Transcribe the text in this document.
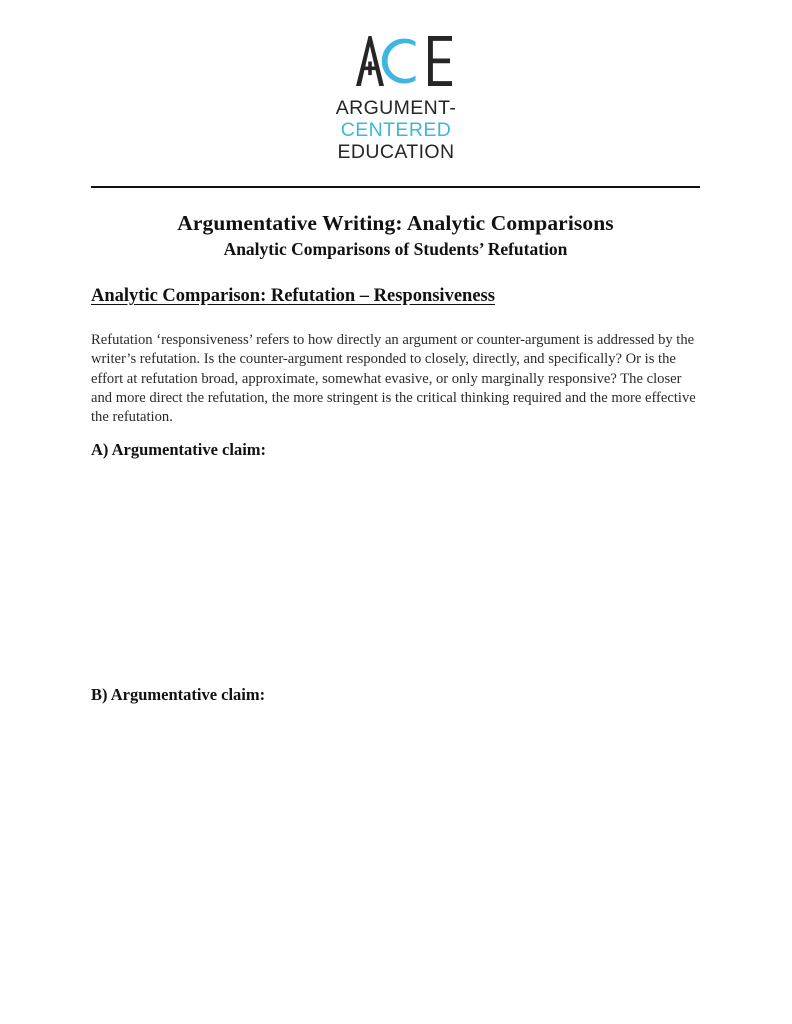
ARGUMENT-
CENTERED
EDUCATION
Argumentative Writing: Analytic Comparisons
Analytic Comparisons of Students’ Refutation
Analytic Comparison: Refutation – Responsiveness
Refutation ‘responsiveness’ refers to how directly an argument or counter-argument is addressed by the writer’s refutation. Is the counter-argument responded to closely, directly, and specifically? Or is the effort at refutation broad, approximate, somewhat evasive, or only marginally responsive? The closer and more direct the refutation, the more stringent is the critical thinking required and the more effective the refutation.
A) Argumentative claim:
B) Argumentative claim:
